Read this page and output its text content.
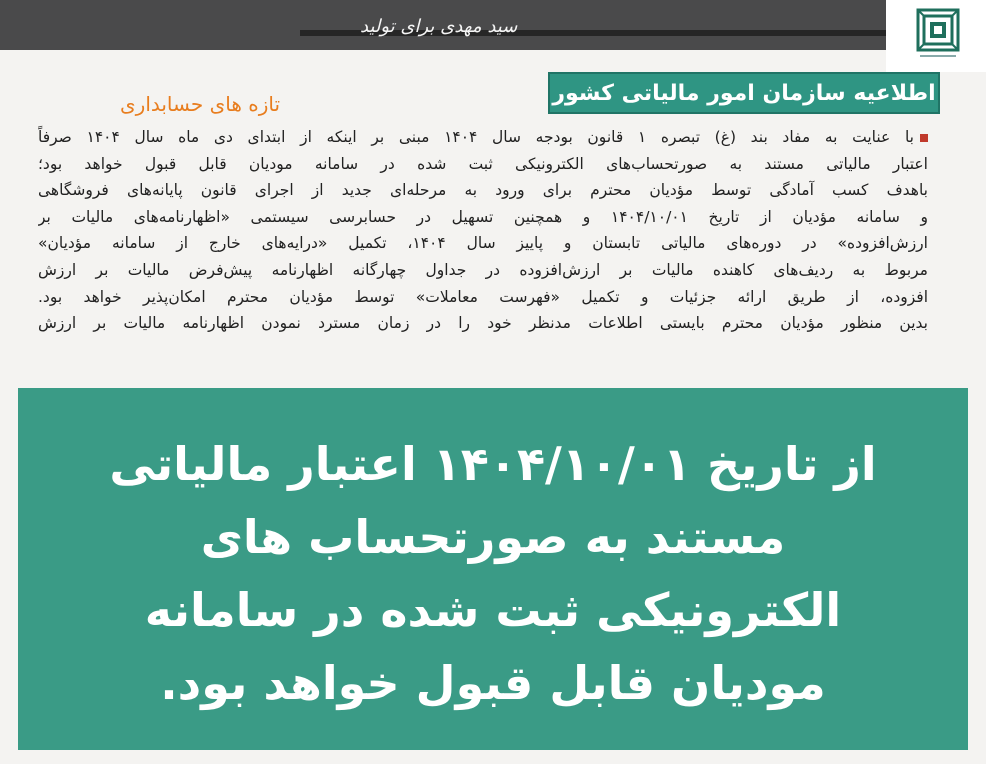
سید مهدی برای تولید
اطلاعیه سازمان امور مالیاتی کشور
تازه های حسابداری
با عنایت به مفاد بند (غ) تبصره ۱ قانون بودجه سال ۱۴۰۴ مبنی بر اینکه از ابتدای دی ماه سال ۱۴۰۴ صرفاً
اعتبار مالیاتی مستند به صورتحساب‌های الکترونیکی ثبت شده در سامانه مودیان قابل قبول خواهد بود؛
باهدف کسب آمادگی توسط مؤدیان محترم برای ورود به مرحله‌ای جدید از اجرای قانون پایانه‌های فروشگاهی
و سامانه مؤدیان از تاریخ ۱۴۰۴/۱۰/۰۱ و همچنین تسهیل در حسابرسی سیستمی «اظهارنامه‌های مالیات بر
ارزش‌افزوده» در دوره‌های مالیاتی تابستان و پاییز سال ۱۴۰۴، تکمیل «درایه‌های خارج از سامانه مؤدیان»
مربوط به ردیف‌های کاهنده مالیات بر ارزش‌افزوده در جداول چهارگانه اظهارنامه پیش‌فرض مالیات بر ارزش
افزوده، از طریق ارائه جزئیات و تکمیل «فهرست معاملات» توسط مؤدیان محترم امکان‌پذیر خواهد بود.
بدین منظور مؤدیان محترم بایستی اطلاعات مدنظر خود را در زمان مسترد نمودن اظهارنامه مالیات بر ارزش
از تاریخ ۱۴۰۴/۱۰/۰۱ اعتبار مالیاتی
مستند به صورتحساب های
الکترونیکی ثبت شده در سامانه
مودیان قابل قبول خواهد بود.
